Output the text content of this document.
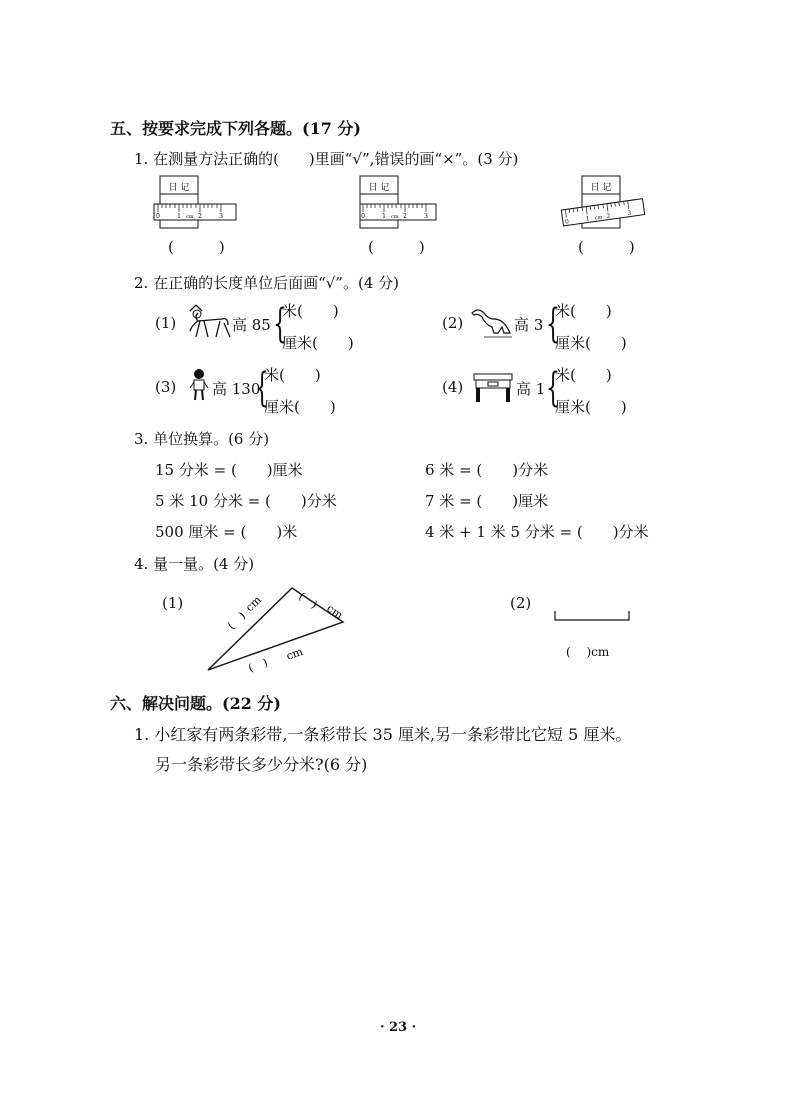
五、按要求完成下列各题。(17 分)
1. 在测量方法正确的(　　)里画“√”,错误的画“×”。(3 分)
日 记
0	1	2	3
cm
(　　　)
日 记
0	1	2	3
cm
(　　　)
日 记
0	1	2	3
cm
(　　　)
2. 在正确的长度单位后面画“√”。(4 分)
(1)	高 85 {
米(　　)
厘米(　　)
(2)	高 3 {
米(　　)
厘米(　　)
(3) 高 130
{
米(　　)
厘米(　　)
(4)	高 1 {
米(　　)
厘米(　　)
3. 单位换算。(6 分)
15 分米 = (　　)厘米	6 米 = (　　)分米
5 米 10 分米 = (　　)分米	7 米 = (　　)厘米
500 厘米 = (　　)米	4 米 + 1 米 5 分米 = (　　)分米
4. 量一量。(4 分)
(1)
(　)
cm	(　)
cm
(　)
cm
(2)
(　 )cm
六、解决问题。(22 分)
1. 小红家有两条彩带,一条彩带长 35 厘米,另一条彩带比它短 5 厘米。
另一条彩带长多少分米?(6 分)
· 23 ·
